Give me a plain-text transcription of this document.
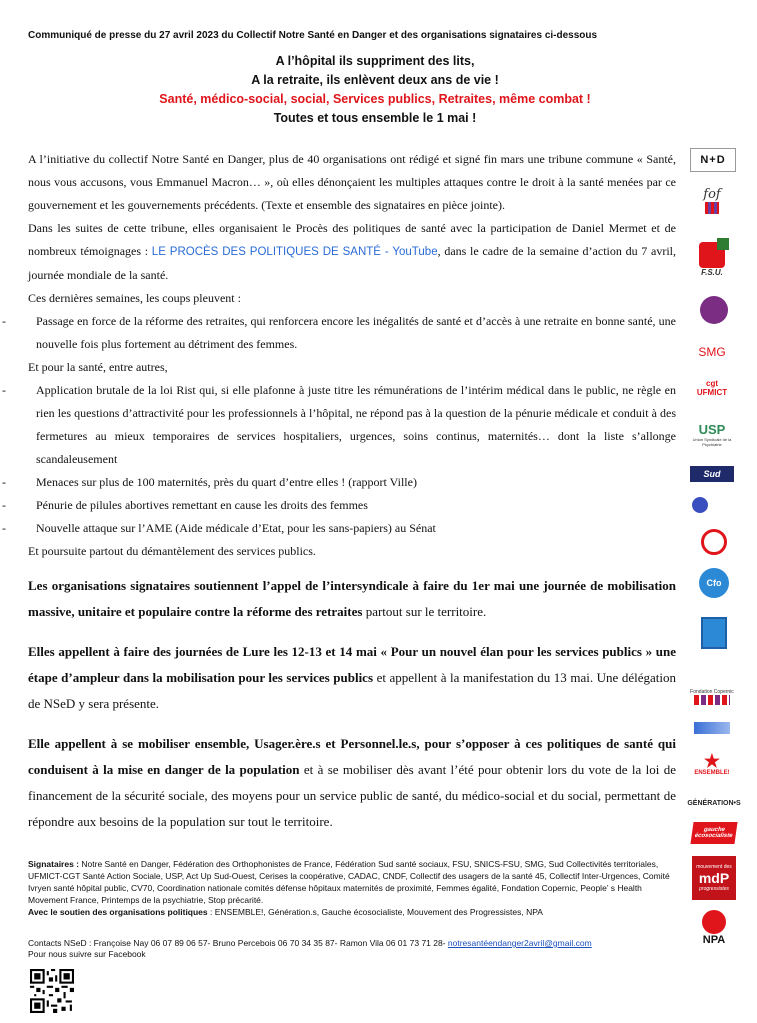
Communiqué de presse du 27 avril 2023 du Collectif Notre Santé en Danger et des organisations signataires ci-dessous
A l’hôpital ils suppriment des lits,
A la retraite, ils enlèvent deux ans de vie !
Santé, médico-social, social, Services publics, Retraites, même combat !
Toutes et tous ensemble le 1 mai !

A l’initiative du collectif Notre Santé en Danger, plus de 40 organisations ont rédigé et signé fin mars une tribune commune « Santé, nous vous accusons, vous Emmanuel Macron… », où elles dénonçaient les multiples attaques contre le droit à la santé menées par ce gouvernement et les gouvernements précédents. (Texte et ensemble des signataires en pièce jointe).

Dans les suites de cette tribune, elles organisaient le Procès des politiques de santé avec la participation de Daniel Mermet et de nombreux témoignages : LE PROCÈS DES POLITIQUES DE SANTÉ - YouTube, dans le cadre de la semaine d’action du 7 avril, journée mondiale de la santé.

Ces dernières semaines, les coups pleuvent :

- Passage en force de la réforme des retraites, qui renforcera encore les inégalités de santé et d’accès à une retraite en bonne santé, une nouvelle fois plus fortement au détriment des femmes.

Et pour la santé, entre autres,

- Application brutale de la loi Rist qui, si elle plafonne à juste titre les rémunérations de l’intérim médical dans le public, ne règle en rien les questions d’attractivité pour les professionnels à l’hôpital, ne répond pas à la question de la pénurie médicale et conduit à des fermetures au mieux temporaires de services hospitaliers, urgences, soins continus, maternités… dont la liste s’allonge scandaleusement

- Menaces sur plus de 100 maternités, près du quart d’entre elles ! (rapport Ville)

- Pénurie de pilules abortives remettant en cause les droits des femmes

- Nouvelle attaque sur l’AME (Aide médicale d’Etat, pour les sans-papiers) au Sénat

Et poursuite partout du démantèlement des services publics.

Les organisations signataires soutiennent l’appel de l’intersyndicale à faire du 1er mai une journée de mobilisation massive, unitaire et populaire contre la réforme des retraites partout sur le territoire.

Elles appellent à faire des journées de Lure les 12-13 et 14 mai « Pour un nouvel élan pour les services publics » une étape d’ampleur dans la mobilisation pour les services publics et appellent à la manifestation du 13 mai. Une délégation de NSeD y sera présente.

Elle appellent à se mobiliser ensemble, Usager.ère.s et Personnel.le.s, pour s’opposer à ces politiques de santé qui conduisent à la mise en danger de la population et à se mobiliser dès avant l’été pour obtenir lors du vote de la loi de financement de la sécurité sociale, des moyens pour un service public de santé, du médico-social et du social, permettant de répondre aux besoins de la population sur tout le territoire.

Signataires : Notre Santé en Danger, Fédération des Orthophonistes de France, Fédération Sud santé sociaux, FSU, SNICS-FSU, SMG, Sud Collectivités territoriales, UFMICT-CGT Santé Action Sociale, USP, Act Up Sud-Ouest, Cerises la coopérative, CADAC, CNDF, Collectif des usagers de la santé 45, Collectif Inter-Urgences, Comité Ivryen santé hôpital public, CV70, Coordination nationale comités défense hôpitaux maternités de proximité, Femmes égalité, Fondation Copernic, People’ s Health Movement France, Printemps de la psychiatrie, Stop précarité.
Avec le soutien des organisations politiques : ENSEMBLE!, Génération.s, Gauche écosocialiste, Mouvement des Progressistes, NPA
Contacts NSeD : Françoise Nay 06 07 89 06 57- Bruno Percebois 06 70 34 35 87- Ramon Vila 06 01 73 71 28- notresantéendanger2avril@gmail.com
Pour nous suivre sur Facebook
N+D
fof
F.S.U.
SMG
cgt UFMICT
USP
Union Syndicale de la Psychiatrie
Sud
Cfo
Fondation Copernic
★
ENSEMBLE!
GÉNÉRATION•S
gauche écosocialiste
mouvement des
mdP
progressistes
NPA
